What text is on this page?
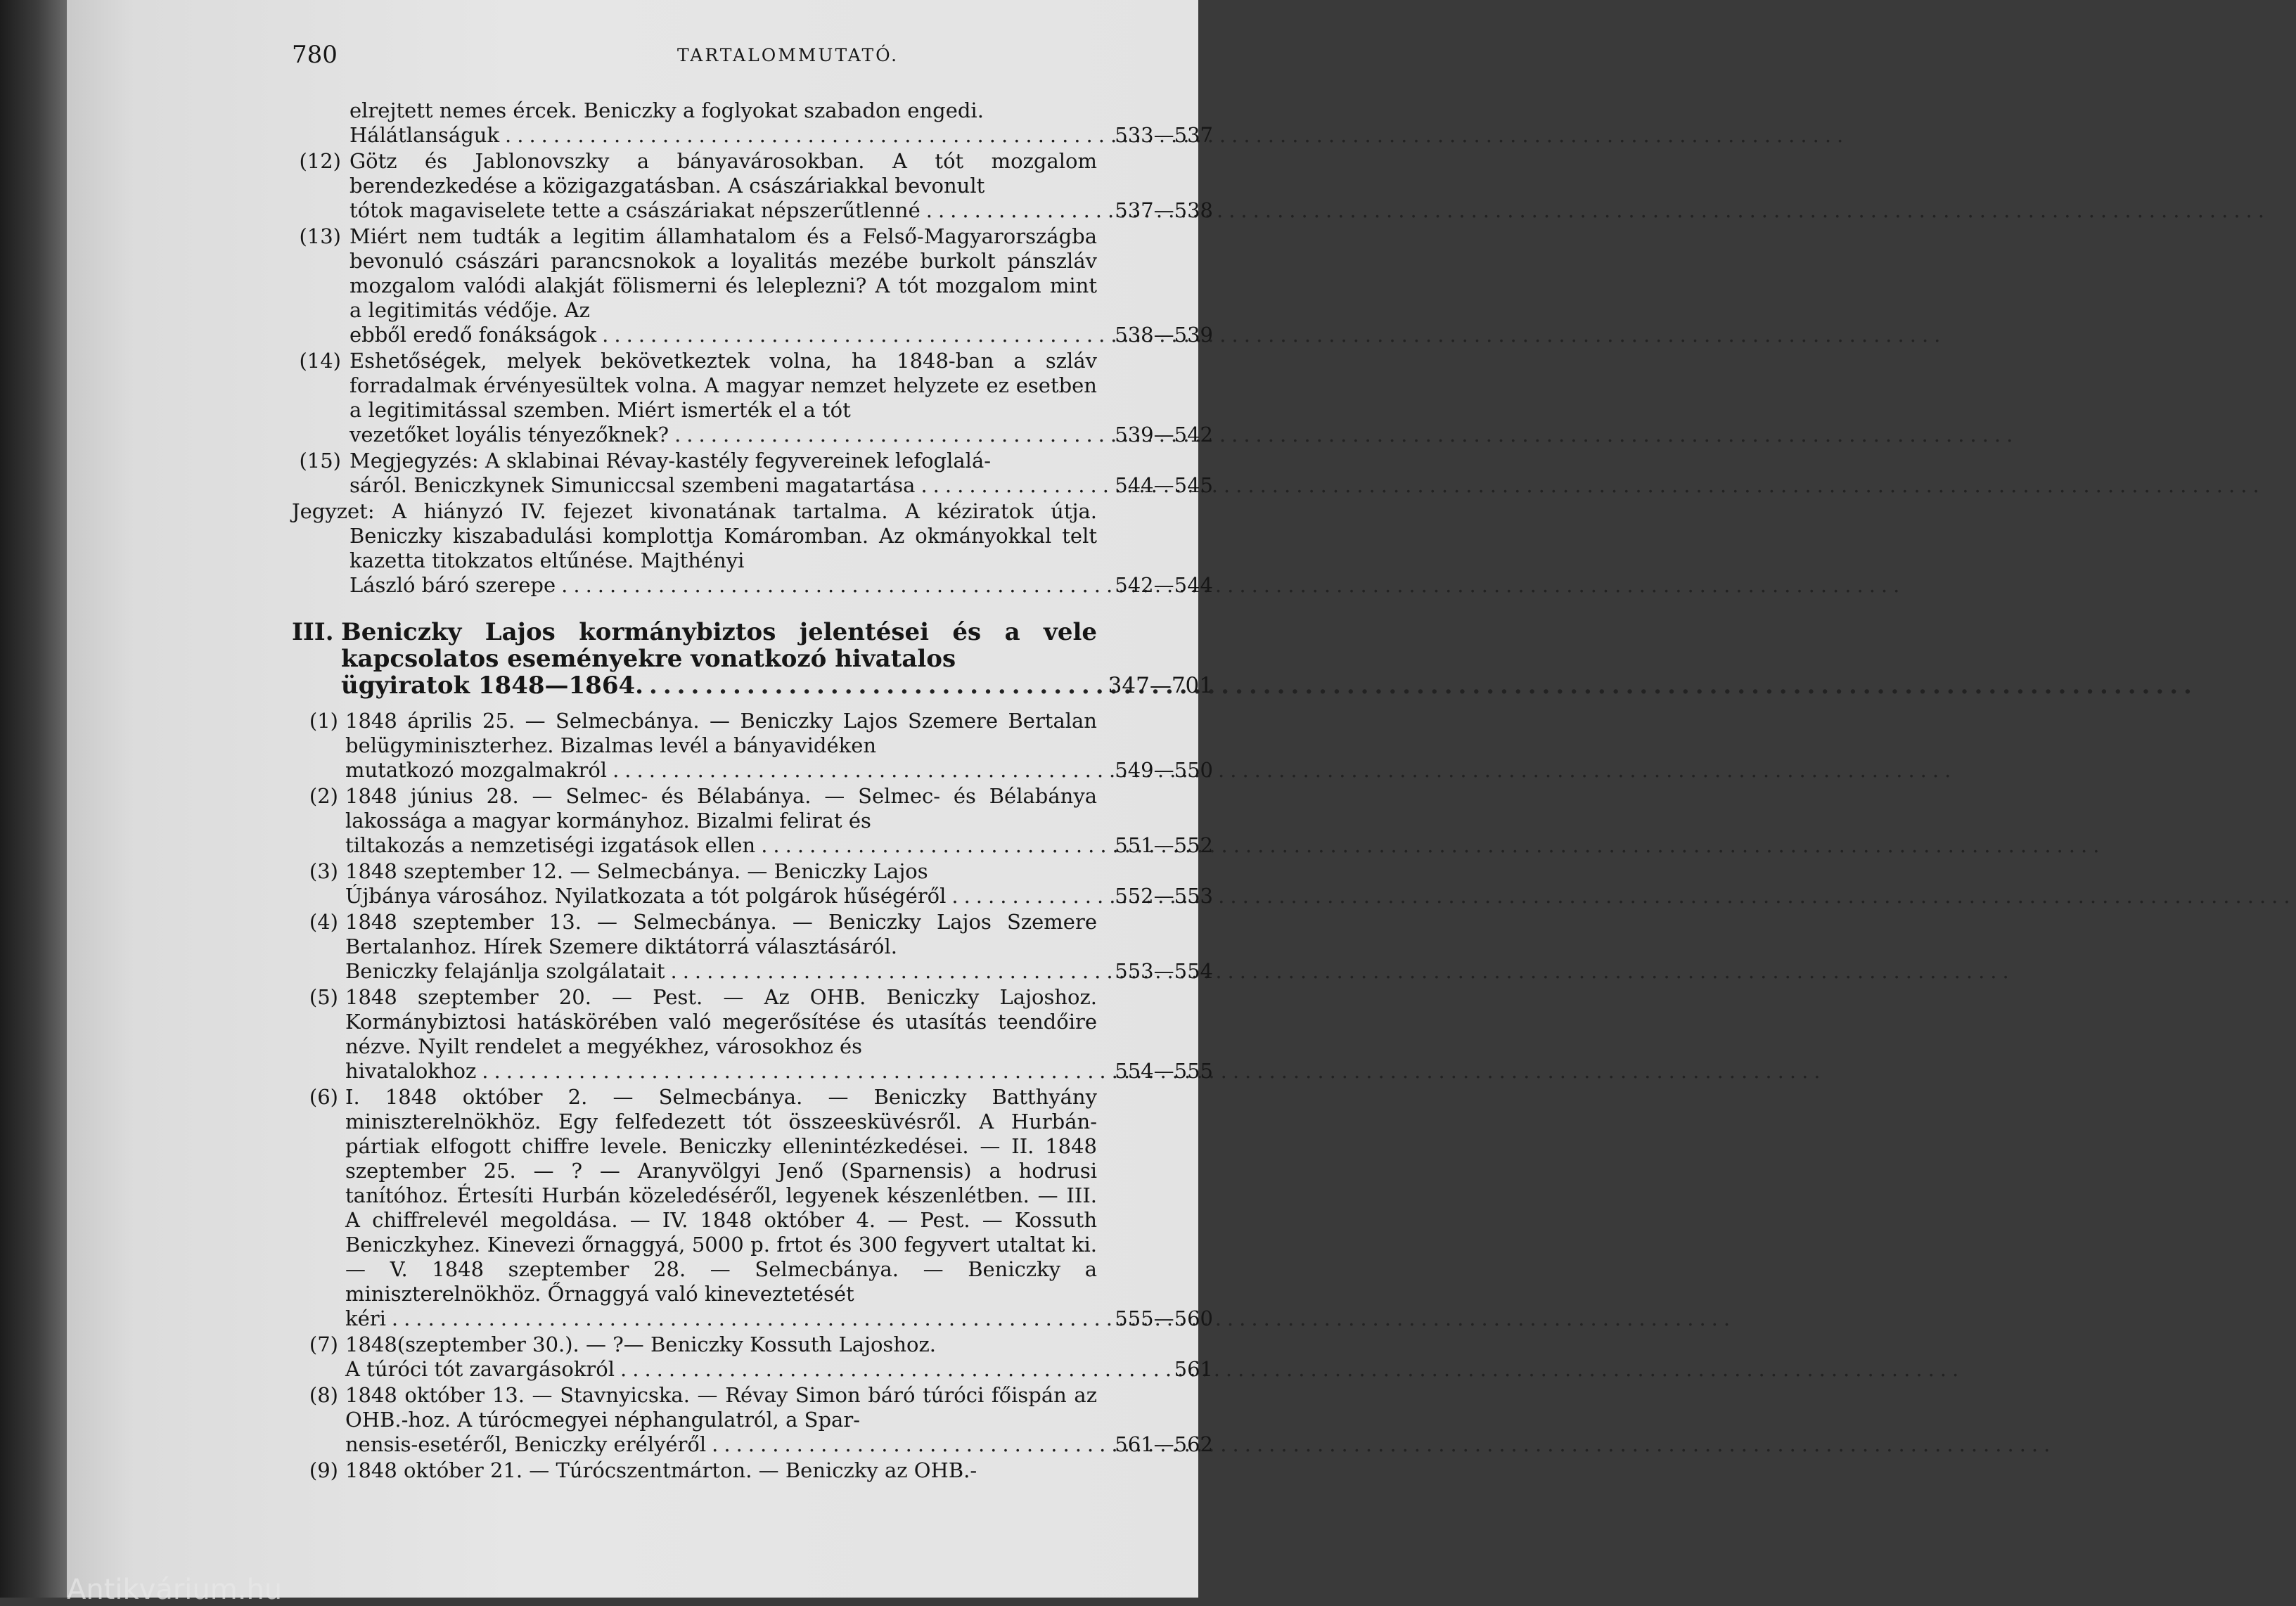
780	TARTALOMMUTATÓ.
elrejtett nemes ércek. Beniczky a foglyokat szabadon engedi.
Hálátlanságuk .....	533—537
(12) Götz és Jablonovszky a bányavárosokban. A tót mozgalom berendezkedése a közigazgatásban. A császáriakkal bevonult
tótok magaviselete tette a császáriakat népszerűtlenné .....	537—538
(13) Miért nem tudták a legitim államhatalom és a Felső-Magyarországba bevonuló császári parancsnokok a loyalitás mezébe burkolt pánszláv mozgalom valódi alakját fölismerni és leleplezni? A tót mozgalom mint a legitimitás védője. Az
ebből eredő fonákságok .....	538—539
(14) Eshetőségek, melyek bekövetkeztek volna, ha 1848-ban a szláv forradalmak érvényesültek volna. A magyar nemzet helyzete ez esetben a legitimitással szemben. Miért ismerték el a tót
vezetőket loyális tényezőknek? .....	539—542
(15) Megjegyzés: A sklabinai Révay-kastély fegyvereinek lefoglalá-
sáról. Beniczkynek Simuniccsal szembeni magatartása .....	544—545
Jegyzet: A hiányzó IV. fejezet kivonatának tartalma. A kéziratok útja. Beniczky kiszabadulási komplottja Komáromban. Az okmányokkal telt kazetta titokzatos eltűnése. Majthényi
László báró szerepe .....	542—544
III. Beniczky Lajos kormánybiztos jelentései és a vele kapcsolatos eseményekre vonatkozó hivatalos
ügyiratok 1848—1864. .....	347—701
(1) 1848 április 25. — Selmecbánya. — Beniczky Lajos Szemere Bertalan belügyminiszterhez. Bizalmas levél a bányavidéken
mutatkozó mozgalmakról .....	549—550
(2) 1848 június 28. — Selmec- és Bélabánya. — Selmec- és Bélabánya lakossága a magyar kormányhoz. Bizalmi felirat és
tiltakozás a nemzetiségi izgatások ellen .....	551—552
(3) 1848 szeptember 12. — Selmecbánya. — Beniczky Lajos
Újbánya városához. Nyilatkozata a tót polgárok hűségéről .....	552—553
(4) 1848 szeptember 13. — Selmecbánya. — Beniczky Lajos Szemere Bertalanhoz. Hírek Szemere diktátorrá választásáról.
Beniczky felajánlja szolgálatait .....	553—554
(5) 1848 szeptember 20. — Pest. — Az OHB. Beniczky Lajoshoz. Kormánybiztosi hatáskörében való megerősítése és utasítás teendőire nézve. Nyilt rendelet a megyékhez, városokhoz és
hivatalokhoz .....	554—555
(6) I. 1848 október 2. — Selmecbánya. — Beniczky Batthyány miniszterelnökhöz. Egy felfedezett tót összeesküvésről. A Hurbán-pártiak elfogott chiffre levele. Beniczky ellenintézkedései. — II. 1848 szeptember 25. — ? — Aranyvölgyi Jenő (Sparnensis) a hodrusi tanítóhoz. Értesíti Hurbán közeledéséről, legyenek készenlétben. — III. A chiffrelevél megoldása. — IV. 1848 október 4. — Pest. — Kossuth Beniczkyhez. Kinevezi őrnaggyá, 5000 p. frtot és 300 fegyvert utaltat ki. — V. 1848 szeptember 28. — Selmecbánya. — Beniczky a miniszterelnökhöz. Őrnaggyá való kineveztetését
kéri .....	555—560
(7) 1848(szeptember 30.). — ?— Beniczky Kossuth Lajoshoz.
A túróci tót zavargásokról .....	561
(8) 1848 október 13. — Stavnyicska. — Révay Simon báró túróci főispán az OHB.-hoz. A túrócmegyei néphangulatról, a Spar-
nensis-esetéről, Beniczky erélyéről .....	561—562
(9) 1848 október 21. — Túrócszentmárton. — Beniczky az OHB.-
Antikvárium.hu
